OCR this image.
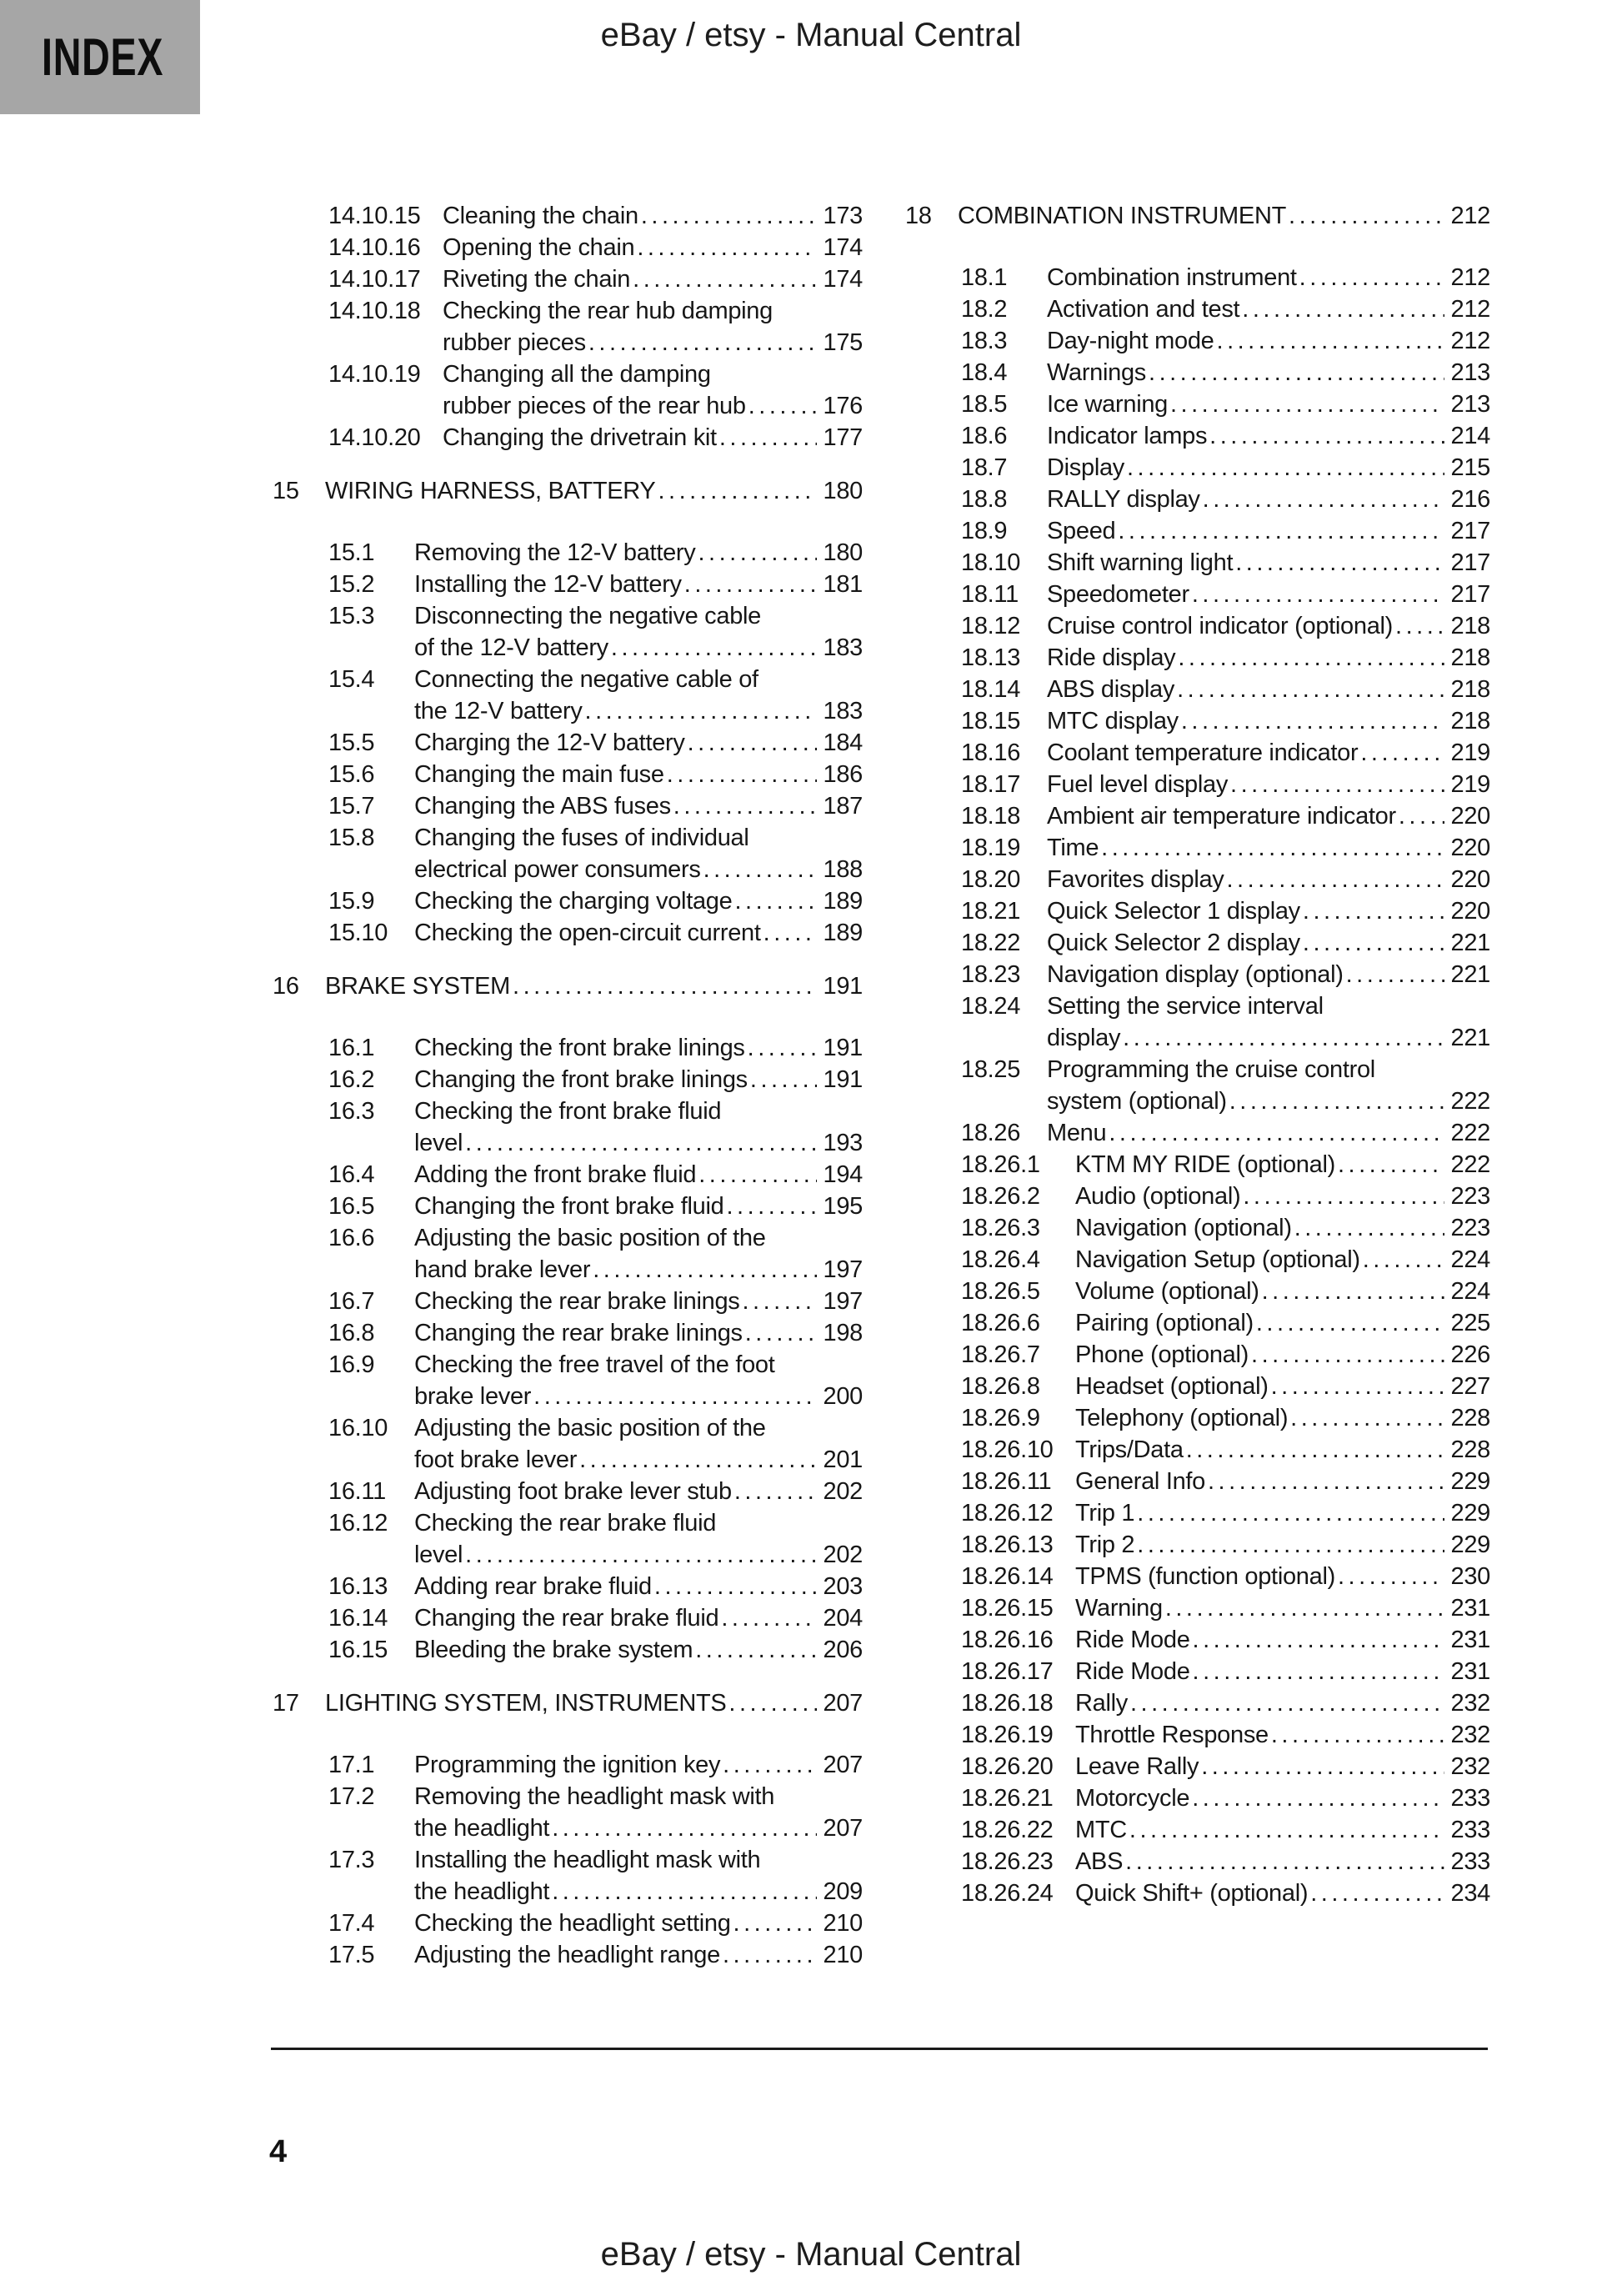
INDEX	eBay / etsy - Manual Central
14.10.15 Cleaning the chain .....	173
14.10.16 Opening the chain .....	174
14.10.17 Riveting the chain .....	174
14.10.18 Checking the rear hub damping
rubber pieces .....	175
14.10.19 Changing all the damping
rubber pieces of the rear hub .....	176
14.10.20 Changing the drivetrain kit .....	177
15	WIRING HARNESS, BATTERY .....	180
15.1	Removing the 12-V battery .....	180
15.2	Installing the 12-V battery .....	181
15.3	Disconnecting the negative cable
of the 12-V battery .....	183
15.4	Connecting the negative cable of
the 12-V battery .....	183
15.5	Charging the 12-V battery .....	184
15.6	Changing the main fuse .....	186
15.7	Changing the ABS fuses .....	187
15.8	Changing the fuses of individual
electrical power consumers .....	188
15.9	Checking the charging voltage .....	189
15.10	Checking the open-circuit current .....	189
16	BRAKE SYSTEM .....	191
16.1	Checking the front brake linings .....	191
16.2	Changing the front brake linings .....	191
16.3	Checking the front brake fluid
level .....	193
16.4	Adding the front brake fluid .....	194
16.5	Changing the front brake fluid .....	195
16.6	Adjusting the basic position of the
hand brake lever .....	197
16.7	Checking the rear brake linings .....	197
16.8	Changing the rear brake linings .....	198
16.9	Checking the free travel of the foot
brake lever .....	200
16.10	Adjusting the basic position of the
foot brake lever .....	201
16.11	Adjusting foot brake lever stub .....	202
16.12	Checking the rear brake fluid
level .....	202
16.13	Adding rear brake fluid .....	203
16.14	Changing the rear brake fluid .....	204
16.15	Bleeding the brake system .....	206
17	LIGHTING SYSTEM, INSTRUMENTS .....	207
17.1	Programming the ignition key .....	207
17.2	Removing the headlight mask with
the headlight .....	207
17.3	Installing the headlight mask with
the headlight .....	209
17.4	Checking the headlight setting .....	210
17.5	Adjusting the headlight range .....	210
18	COMBINATION INSTRUMENT .....	212
18.1	Combination instrument .....	212
18.2	Activation and test .....	212
18.3	Day-night mode .....	212
18.4	Warnings .....	213
18.5	Ice warning .....	213
18.6	Indicator lamps .....	214
18.7	Display .....	215
18.8	RALLY display .....	216
18.9	Speed .....	217
18.10	Shift warning light .....	217
18.11	Speedometer .....	217
18.12	Cruise control indicator (optional) ..... 218
18.13	Ride display .....	218
18.14	ABS display .....	218
18.15	MTC display .....	218
18.16	Coolant temperature indicator .....	219
18.17	Fuel level display .....	219
18.18	Ambient air temperature indicator ..... 220
18.19	Time .....	220
18.20	Favorites display .....	220
18.21	Quick Selector 1 display .....	220
18.22	Quick Selector 2 display .....	221
18.23	Navigation display (optional) .....	221
18.24	Setting the service interval
display .....	221
18.25	Programming the cruise control
system (optional) .....	222
18.26	Menu .....	222
18.26.1	KTM MY RIDE (optional) .....	222
18.26.2	Audio (optional) .....	223
18.26.3	Navigation (optional) .....	223
18.26.4	Navigation Setup (optional) .....	224
18.26.5	Volume (optional) .....	224
18.26.6	Pairing (optional) .....	225
18.26.7	Phone (optional) .....	226
18.26.8	Headset (optional) .....	227
18.26.9	Telephony (optional) .....	228
18.26.10 Trips/Data .....	228
18.26.11 General Info .....	229
18.26.12 Trip 1 .....	229
18.26.13 Trip 2 .....	229
18.26.14 TPMS (function optional) .....	230
18.26.15 Warning .....	231
18.26.16 Ride Mode .....	231
18.26.17 Ride Mode .....	231
18.26.18 Rally .....	232
18.26.19 Throttle Response .....	232
18.26.20 Leave Rally .....	232
18.26.21 Motorcycle .....	233
18.26.22 MTC .....	233
18.26.23 ABS .....	233
18.26.24 Quick Shift+ (optional) .....	234
4
eBay / etsy - Manual Central
